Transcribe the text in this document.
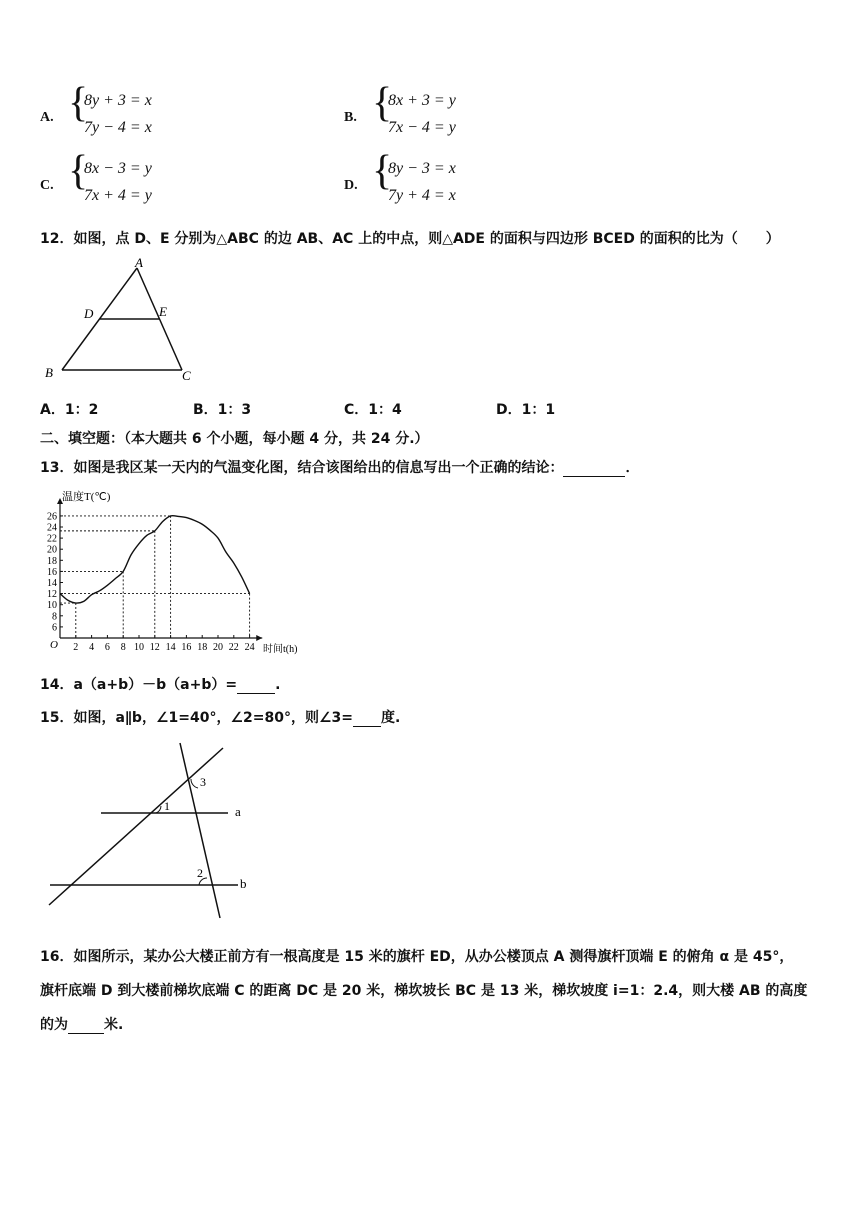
A. {
8y + 3 = x
7y − 4 = x
B. {
8x + 3 = y
7x − 4 = y
C. {
8x − 3 = y
7x + 4 = y
D. {
8y − 3 = x
7y + 4 = x
12．如图，点 D、E 分别为△ABC 的边 AB、AC 上的中点，则△ADE 的面积与四边形 BCED 的面积的比为（　　）
A
D	E
B	C
A．1：2	B．1：3	C．1：4	D．1：1
二、填空题：（本大题共 6 个小题，每小题 4 分，共 24 分.）
13．如图是我区某一天内的气温变化图，结合该图给出的信息写出一个正确的结论：	．
2 4 6 8 10 12 14 16 18 20 22 24
6
8
10
12
14
16
18
20
22
24
26
温度T(℃)
时间t(h)
O
14．a（a+b）－b（a+b）=	.
15．如图，a∥b，∠1=40°，∠2=80°，则∠3= 度.
1
2
3
a
b
16．如图所示，某办公大楼正前方有一根高度是 15 米的旗杆 ED，从办公楼顶点 A 测得旗杆顶端 E 的俯角 α 是 45°，
旗杆底端 D 到大楼前梯坎底端 C 的距离 DC 是 20 米，梯坎坡长 BC 是 13 米，梯坎坡度 i=1：2.4，则大楼 AB 的高度
的为	米.
